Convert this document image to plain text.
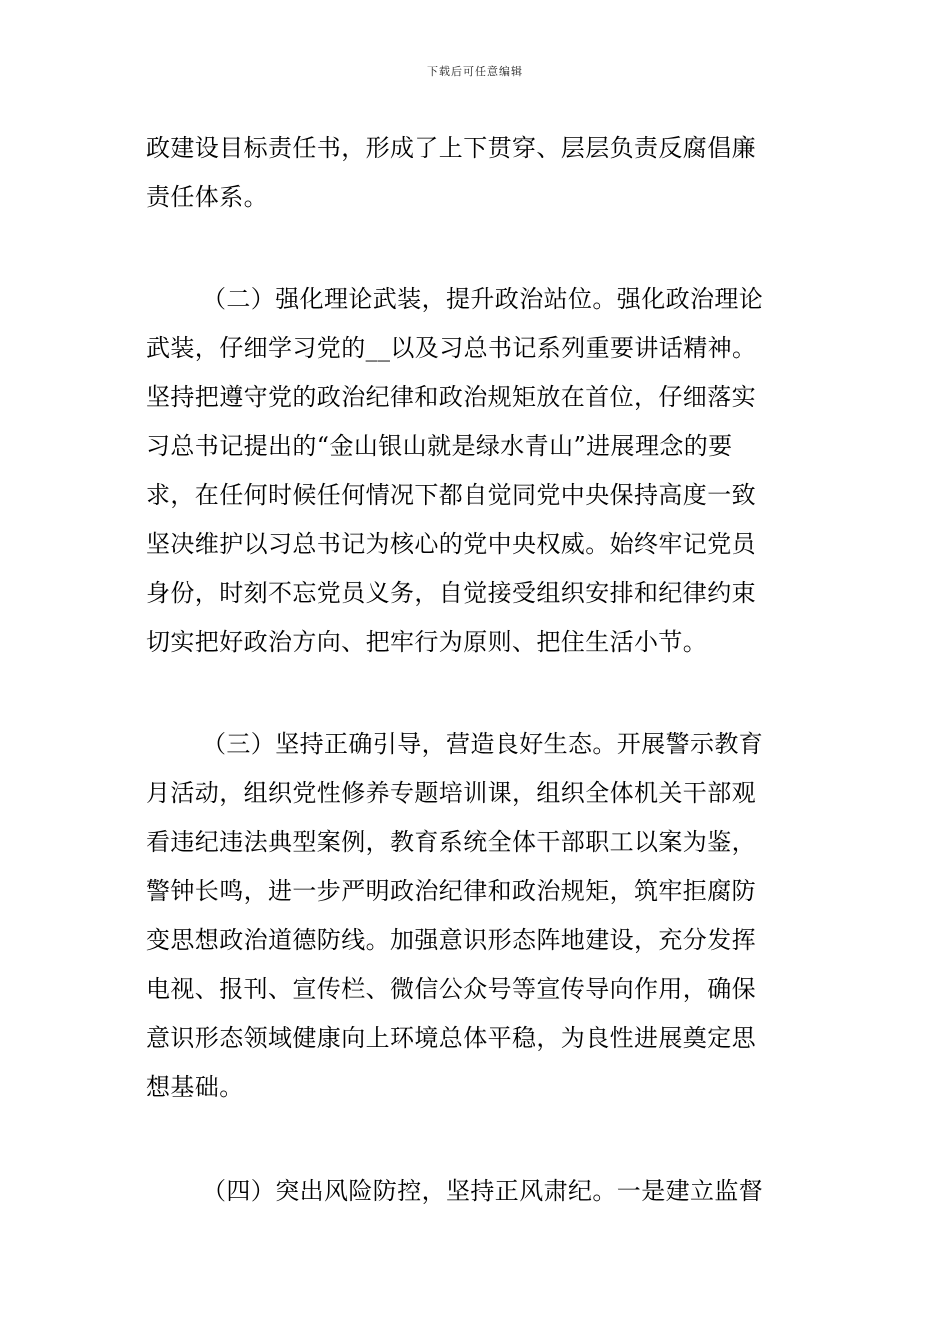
下载后可任意编辑

政建设目标责任书，形成了上下贯穿、层层负责反腐倡廉
责任体系。

（二）强化理论武装，提升政治站位。强化政治理论
武装，仔细学习党的__以及习总书记系列重要讲话精神。
坚持把遵守党的政治纪律和政治规矩放在首位，仔细落实
习总书记提出的“金山银山就是绿水青山”进展理念的要
求，在任何时候任何情况下都自觉同党中央保持高度一致
坚决维护以习总书记为核心的党中央权威。始终牢记党员
身份，时刻不忘党员义务，自觉接受组织安排和纪律约束
切实把好政治方向、把牢行为原则、把住生活小节。

（三）坚持正确引导，营造良好生态。开展警示教育
月活动，组织党性修养专题培训课，组织全体机关干部观
看违纪违法典型案例，教育系统全体干部职工以案为鉴，
警钟长鸣，进一步严明政治纪律和政治规矩，筑牢拒腐防
变思想政治道德防线。加强意识形态阵地建设，充分发挥
电视、报刊、宣传栏、微信公众号等宣传导向作用，确保
意识形态领域健康向上环境总体平稳，为良性进展奠定思
想基础。

（四）突出风险防控，坚持正风肃纪。一是建立监督
